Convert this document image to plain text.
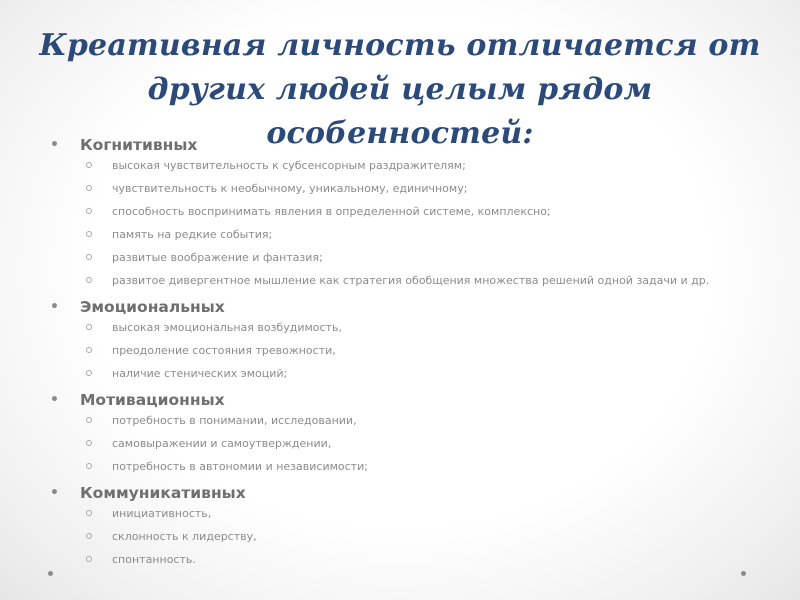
Креативная личность отличается от
других людей целым рядом особенностей:
• Когнитивных
высокая чувствительность к субсенсорным раздражителям;
чувствительность к необычному, уникальному, единичному;
способность воспринимать явления в определенной системе, комплексно;
память на редкие события;
развитые воображение и фантазия;
развитое дивергентное мышление как стратегия обобщения множества решений одной задачи и др.
• Эмоциональных
высокая эмоциональная возбудимость,
преодоление состояния тревожности,
наличие стенических эмоций;
• Мотивационных
потребность в понимании, исследовании,
самовыражении и самоутверждении,
потребность в автономии и независимости;
• Коммуникативных
инициативность,
склонность к лидерству,
спонтанность.
